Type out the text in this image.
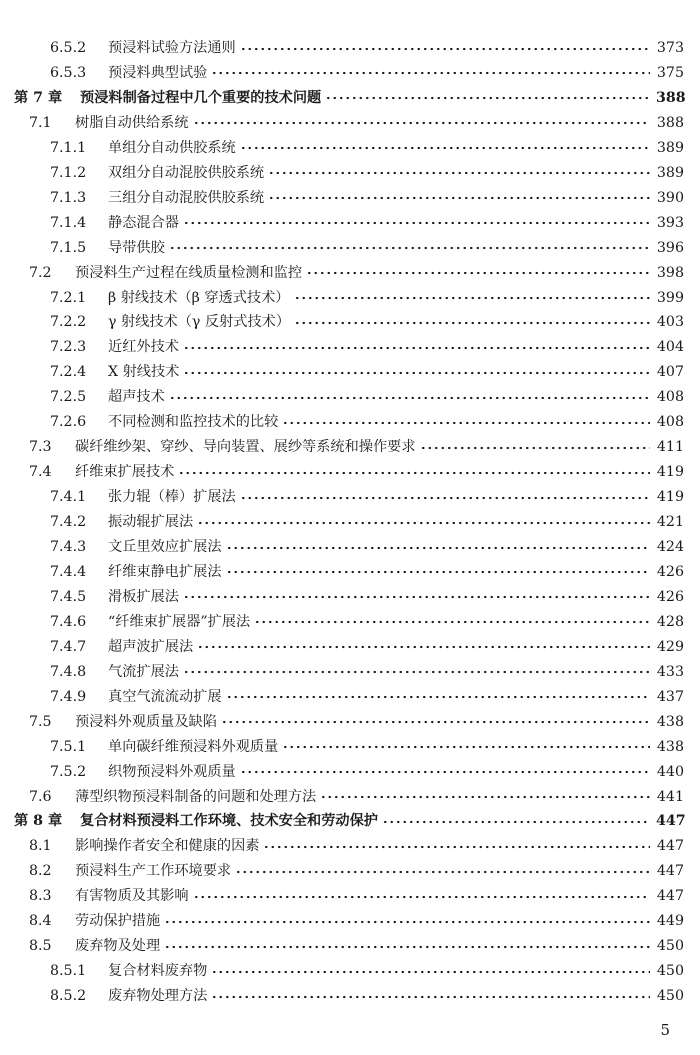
6.5.2	预浸料试验方法通则	373
6.5.3	预浸料典型试验	375
第 7 章	预浸料制备过程中几个重要的技术问题	388
7.1	树脂自动供给系统	388
7.1.1	单组分自动供胶系统	389
7.1.2	双组分自动混胶供胶系统	389
7.1.3	三组分自动混胶供胶系统	390
7.1.4	静态混合器	393
7.1.5	导带供胶	396
7.2	预浸料生产过程在线质量检测和监控	398
7.2.1	β 射线技术（β 穿透式技术）	399
7.2.2	γ 射线技术（γ 反射式技术）	403
7.2.3	近红外技术	404
7.2.4	X 射线技术	407
7.2.5	超声技术	408
7.2.6	不同检测和监控技术的比较	408
7.3	碳纤维纱架、穿纱、导向装置、展纱等系统和操作要求	411
7.4	纤维束扩展技术	419
7.4.1	张力辊（棒）扩展法	419
7.4.2	振动辊扩展法	421
7.4.3	文丘里效应扩展法	424
7.4.4	纤维束静电扩展法	426
7.4.5	滑板扩展法	426
7.4.6	“纤维束扩展器”扩展法	428
7.4.7	超声波扩展法	429
7.4.8	气流扩展法	433
7.4.9	真空气流流动扩展	437
7.5	预浸料外观质量及缺陷	438
7.5.1	单向碳纤维预浸料外观质量	438
7.5.2	织物预浸料外观质量	440
7.6	薄型织物预浸料制备的问题和处理方法	441
第 8 章	复合材料预浸料工作环境、技术安全和劳动保护	447
8.1	影响操作者安全和健康的因素	447
8.2	预浸料生产工作环境要求	447
8.3	有害物质及其影响	447
8.4	劳动保护措施	449
8.5	废弃物及处理	450
8.5.1	复合材料废弃物	450
8.5.2	废弃物处理方法	450
5
